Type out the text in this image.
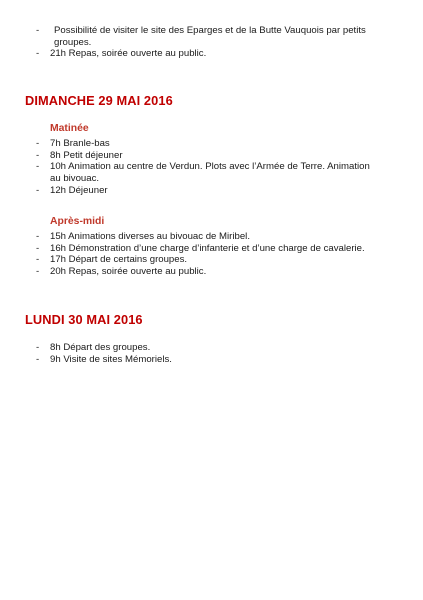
- Possibilité de visiter le site des Eparges et de la Butte Vauquois par petits groupes.
- 21h Repas, soirée ouverte au public.
DIMANCHE 29 MAI 2016
Matinée
- 7h Branle-bas
- 8h Petit déjeuner
- 10h Animation au centre de Verdun. Plots avec l’Armée de Terre. Animation au bivouac.
- 12h Déjeuner
Après-midi
- 15h Animations diverses au bivouac de Miribel.
- 16h Démonstration d’une charge d’infanterie et d’une charge de cavalerie.
- 17h Départ de certains groupes.
- 20h Repas, soirée ouverte au public.
LUNDI 30 MAI 2016
- 8h Départ des groupes.
- 9h Visite de sites Mémoriels.
